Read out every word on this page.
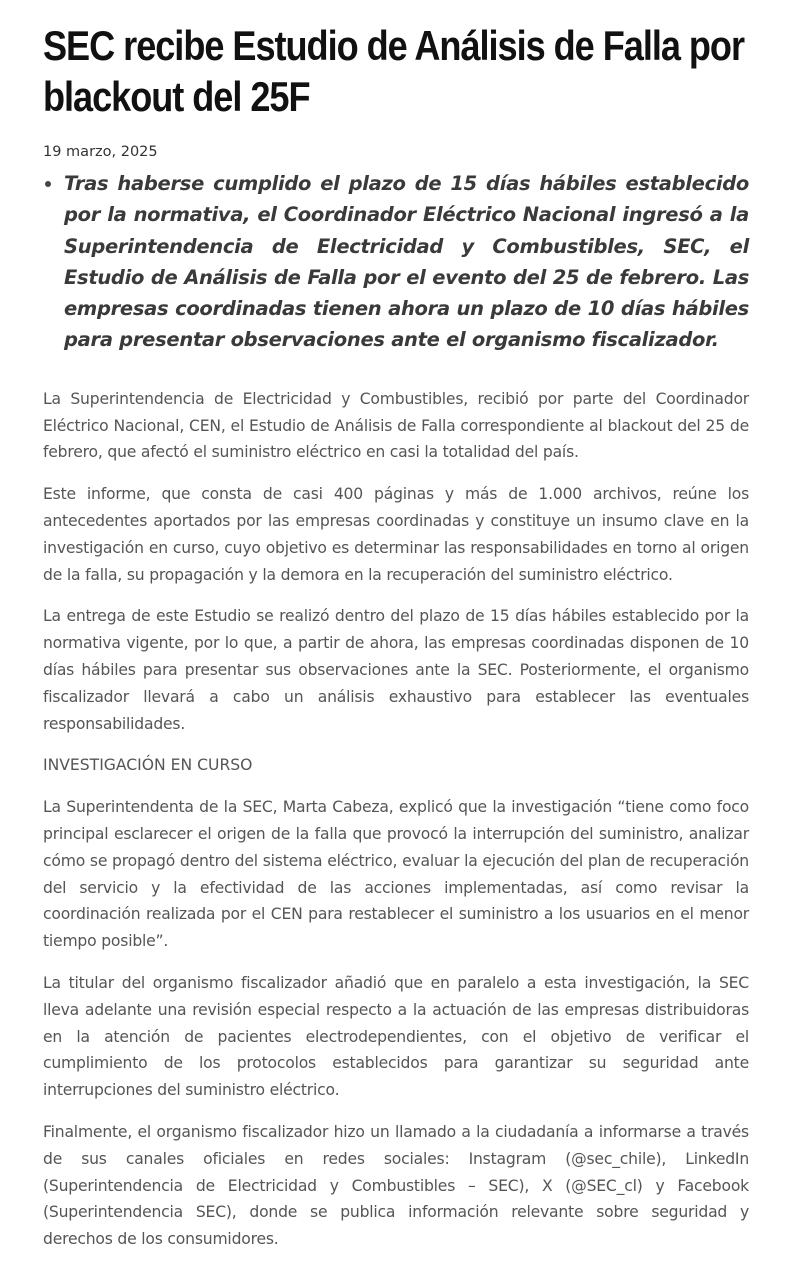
SEC recibe Estudio de Análisis de Falla por blackout del 25F
19 marzo, 2025
Tras haberse cumplido el plazo de 15 días hábiles establecido por la normativa, el Coordinador Eléctrico Nacional ingresó a la Superintendencia de Electricidad y Combustibles, SEC, el Estudio de Análisis de Falla por el evento del 25 de febrero. Las empresas coordinadas tienen ahora un plazo de 10 días hábiles para presentar observaciones ante el organismo fiscalizador.

La Superintendencia de Electricidad y Combustibles, recibió por parte del Coordinador Eléctrico Nacional, CEN, el Estudio de Análisis de Falla correspondiente al blackout del 25 de febrero, que afectó el suministro eléctrico en casi la totalidad del país.

Este informe, que consta de casi 400 páginas y más de 1.000 archivos, reúne los antecedentes aportados por las empresas coordinadas y constituye un insumo clave en la investigación en curso, cuyo objetivo es determinar las responsabilidades en torno al origen de la falla, su propagación y la demora en la recuperación del suministro eléctrico.

La entrega de este Estudio se realizó dentro del plazo de 15 días hábiles establecido por la normativa vigente, por lo que, a partir de ahora, las empresas coordinadas disponen de 10 días hábiles para presentar sus observaciones ante la SEC. Posteriormente, el organismo fiscalizador llevará a cabo un análisis exhaustivo para establecer las eventuales responsabilidades.

INVESTIGACIÓN EN CURSO

La Superintendenta de la SEC, Marta Cabeza, explicó que la investigación “tiene como foco principal esclarecer el origen de la falla que provocó la interrupción del suministro, analizar cómo se propagó dentro del sistema eléctrico, evaluar la ejecución del plan de recuperación del servicio y la efectividad de las acciones implementadas, así como revisar la coordinación realizada por el CEN para restablecer el suministro a los usuarios en el menor tiempo posible”.

La titular del organismo fiscalizador añadió que en paralelo a esta investigación, la SEC lleva adelante una revisión especial respecto a la actuación de las empresas distribuidoras en la atención de pacientes electrodependientes, con el objetivo de verificar el cumplimiento de los protocolos establecidos para garantizar su seguridad ante interrupciones del suministro eléctrico.

Finalmente, el organismo fiscalizador hizo un llamado a la ciudadanía a informarse a través de sus canales oficiales en redes sociales: Instagram (@sec_chile), LinkedIn (Superintendencia de Electricidad y Combustibles – SEC), X (@SEC_cl) y Facebook (Superintendencia SEC), donde se publica información relevante sobre seguridad y derechos de los consumidores.
